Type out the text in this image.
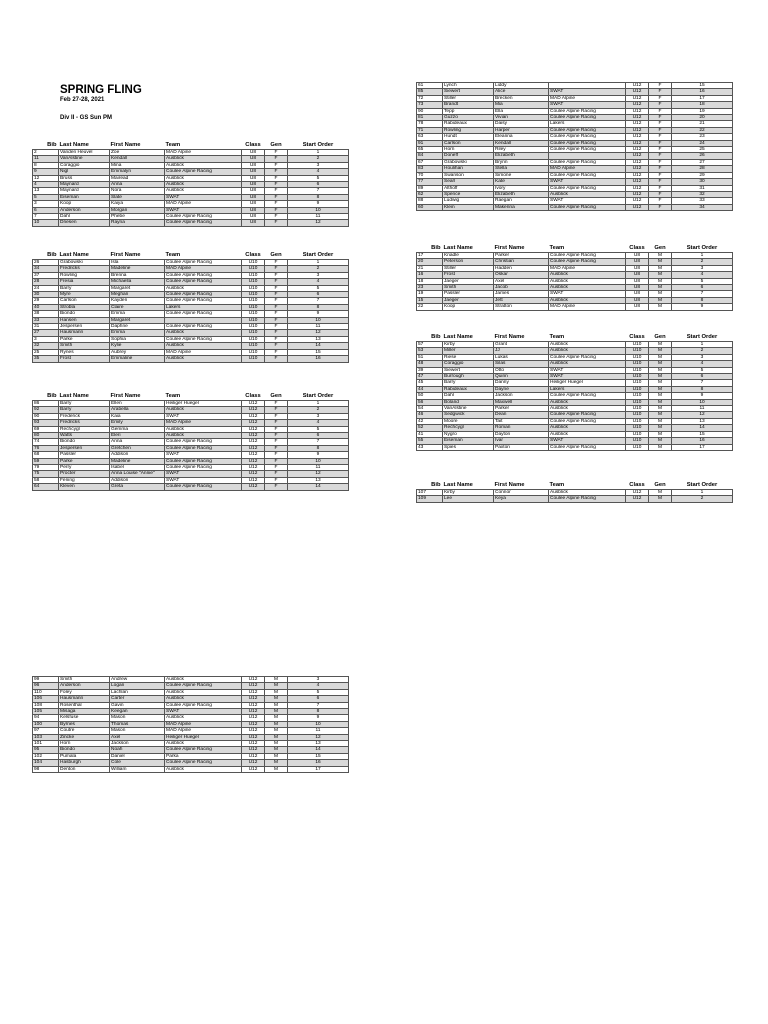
SPRING FLING
Feb 27-28, 2021
Div II - GS Sun PM
Bib	Last Name	First Name	Team	Class	Gen	Start Order
2	Vanden Heuvel	Zoe	MAD Alpine	U8	F	1
11	VanAlstine	Kendall	Ausblick	U8	F	2
8	Coraggio	Mina	Ausblick	U8	F	3
9	Nigl	Emmalyn	Coulee Alpine Racing	U8	F	4
12	Bruss	Mairead	Ausblick	U8	F	5
4	Maynard	Anna	Ausblick	U8	F	6
13	Maynard	Nora	Ausblick	U8	F	7
5	Eiseman	Slate	SWAT	U8	F	8
3	Koop	Kaiya	MAD Alpine	U8	F	9
6	Anderson	Morgan	SWAT	U8	F	10
7	Dahl	Phebe	Coulee Alpine Racing	U8	F	11
10	Driesen	Rayna	Coulee Alpine Racing	U8	F	12
Bib	Last Name	First Name	Team	Class	Gen	Start Order
26	Grabowski	Isla	Coulee Alpine Racing	U10	F	1
34	Fredricks	Madeline	MAD Alpine	U10	F	2
37	Rowling	Brenna	Coulee Alpine Racing	U10	F	3
28	Fresia	Michaella	Coulee Alpine Racing	U10	F	4
24	Barry	Margaret	Ausblick	U10	F	5
30	Myre	Meghan	Coulee Alpine Racing	U10	F	6
29	Carlson	Kayden	Coulee Alpine Racing	U10	F	7
40	Strobla	Claire	Lakers	U10	F	8
38	Biondo	Emma	Coulee Alpine Racing	U10	F	9
33	Hansen	Margaret		U10	F	10
31	Jespersen	Daphne	Coulee Alpine Racing	U10	F	11
27	Hausmann	Emma	Ausblick	U10	F	12
3	Parke	Sophia	Coulee Alpine Racing	U10	F	13
32	Smith	Kylie	Ausblick	U10	F	14
25	Rynes	Aubrey	MAD Alpine	U10	F	15
35	Frost	Emmaline	Ausblick	U10	F	16
Bib	Last Name	First Name	Team	Class	Gen	Start Order
86	Barry	Ellen	Heiliger Huegel	U12	F	1
92	Barry	Arabella	Ausblick	U12	F	2
90	Frederick	Kaia	SWAT	U12	F	3
93	Fredricks	Emily	MAD Alpine	U12	F	4
69	Rechcygl	Gemma	Ausblick	U12	F	5
80	Watts	Eleri	Ausblick	U12	F	6
74	Biondo	Anna	Coulee Alpine Racing	U12	F	7
76	Jespersen	Gretchen	Coulee Alpine Racing	U12	F	8
68	Passler	Addison	SWAT	U12	F	9
59	Parke	Madeline	Coulee Alpine Racing	U12	F	10
79	Perry	Isabel	Coulee Alpine Racing	U12	F	11
75	Procter	Anna Louise "Annie"	SWAT	U12	F	12
58	Fening	Addison	SWAT	U12	F	13
64	Kleven	Greta	Coulee Alpine Racing	U12	F	14
99	Smith	Andrew	Ausblick	U12	M	3
96	Anderson	Logan	Coulee Alpine Racing	U12	M	4
110	Foley	Lachlan	Ausblick	U12	M	5
106	Hausmann	Carter	Ausblick	U12	M	6
108	Rosenthal	Gavin	Coulee Alpine Racing	U12	M	7
105	Misaga	Keegan	SWAT	U12	M	8
94	Kelsfuse	Mason	Ausblick	U12	M	9
100	Byrnes	Thomas	MAD Alpine	U12	M	10
97	Coutre	Mason	MAD Alpine	U12	M	11
103	Zincke	Axel	Heiliger Huegel	U12	M	12
101	Horn	Jackson	Ausblick	U12	M	13
95	Biondo	Noah	Coulee Alpine Racing	U12	M	14
102	Pumala	Daniel	Parka	U12	M	15
104	Hasburgh	Cole	Coulee Alpine Racing	U12	M	16
98	Denton	William	Ausblick	U12	M	17
61	Lynch	Liddy		U12	F	15
85	Siewert	Alice	SWAT	U12	F	16
72	Stiller	Brecken	MAD Alpine	U12	F	17
73	Brandt	Mia	SWAT	U12	F	18
90	Tepp	Ella	Coulee Alpine Racing	U12	F	19
81	Guzzo	Vivian	Coulee Alpine Racing	U12	F	20
78	Rabideaux	Daisy	Lakers	U12	F	21
71	Rowling	Harper	Coulee Alpine Racing	U12	F	22
63	Hundt	Eleanna	Coulee Alpine Racing	U12	F	23
91	Carlson	Kendall	Coulee Alpine Racing	U12	F	24
65	Horn	Riley	Coulee Alpine Racing	U12	F	25
84	Doneff	Elizabeth		U12	F	26
67	Grabowski	Brynn	Coulee Alpine Racing	U12	F	27
83	Houlihan	Stella	MAD Alpine	U12	F	28
70	Swanson	Simone	Coulee Alpine Racing	U12	F	29
77	Searl	Kate	SWAT	U12	F	30
89	Althoff	Ivory	Coulee Alpine Racing	U12	F	31
62	Spence	Elizabeth	Ausblick	U12	F	32
88	Ludwig	Raegan	SWAT	U12	F	33
60	Klein	Makenna	Coulee Alpine Racing	U12	F	34
Bib	Last Name	First Name	Team	Class	Gen	Start Order
17	Knadle	Parker	Coulee Alpine Racing	U8	M	1
20	Peterson	Christian	Coulee Alpine Racing	U8	M	2
21	Stiller	Hadden	MAD Alpine	U8	M	3
16	Frost	Oskar	Ausblick	U8	M	4
18	Jaeger	Axel	Ausblick	U8	M	5
23	Smith	Jacob	Ausblick	U8	M	6
19	Passler	James	SWAT	U8	M	7
15	Jaeger	Jett	Ausblick	U8	M	8
22	Koop	Stratton	MAD Alpine	U8	M	9
Bib	Last Name	First Name	Team	Class	Gen	Start Order
57	Kirby	Grant	Ausblick	U10	M	1
53	Miller	JJ	Ausblick	U10	M	2
51	Riese	Lukas	Coulee Alpine Racing	U10	M	3
48	Coraggio	Silas	Ausblick	U10	M	4
39	Siewert	Otto	SWAT	U10	M	5
47	Burrough	Quinn	SWAT	U10	M	6
45	Barry	Danny	Heiliger Huegel	U10	M	7
44	Rabideaux	Dayne	Lakers	U10	M	8
50	Dahl	Jackson	Coulee Alpine Racing	U10	M	9
56	Boland	Maxwell	Ausblick	U10	M	10
54	VanAlstine	Parker	Ausblick	U10	M	11
46	Sedgwick	Dean	Coulee Alpine Racing	U10	M	12
42	Moore	Tait	Coulee Alpine Racing	U10	M	13
52	Rechcygl	Roman	Ausblick	U10	M	14
41	Nygro	Dayton	Ausblick	U10	M	15
55	Eiseman	Ivar	SWAT	U10	M	16
43	Spies	Paxton	Coulee Alpine Racing	U10	M	17
Bib	Last Name	First Name	Team	Class	Gen	Start Order
107	Kirby	Connor	Ausblick	U12	M	1
109	Lee	Keya	Coulee Alpine Racing	U12	M	2
